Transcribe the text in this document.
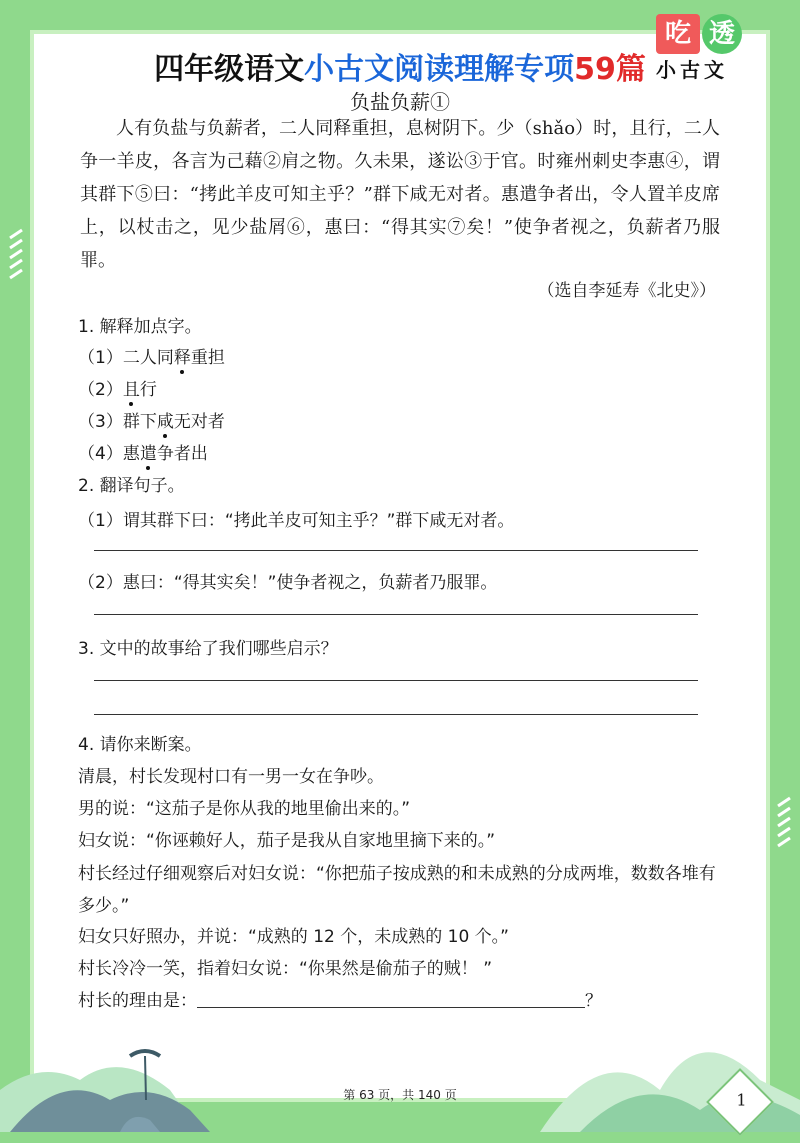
四年级语文小古文阅读理解专项59篇
吃 透
小古文
负盐负薪①

人有负盐与负薪者，二人同释重担，息树阴下。少（shǎo）时，且行，二人争一羊皮，各言为己藉②肩之物。久未果，遂讼③于官。时雍州刺史李惠④，谓其群下⑤曰：“拷此羊皮可知主乎？”群下咸无对者。惠遣争者出，令人置羊皮席上，以杖击之，见少盐屑⑥，惠曰：“得其实⑦矣！”使争者视之，负薪者乃服罪。

（选自李延寿《北史》）
1. 解释加点字。
（1）二人同释重担
（2）且行
（3）群下咸无对者
（4）惠遣争者出
2. 翻译句子。
（1）谓其群下曰：“拷此羊皮可知主乎？”群下咸无对者。
（2）惠曰：“得其实矣！”使争者视之，负薪者乃服罪。
3. 文中的故事给了我们哪些启示？
4. 请你来断案。
清晨，村长发现村口有一男一女在争吵。
男的说：“这茄子是你从我的地里偷出来的。”
妇女说：“你诬赖好人，茄子是我从自家地里摘下来的。”
村长经过仔细观察后对妇女说：“你把茄子按成熟的和未成熟的分成两堆，数数各堆有多少。”
妇女只好照办，并说：“成熟的 12 个，未成熟的 10 个。”
村长冷冷一笑，指着妇女说：“你果然是偷茄子的贼！ ”
村长的理由是：	？
第 63 页，共 140 页	1
